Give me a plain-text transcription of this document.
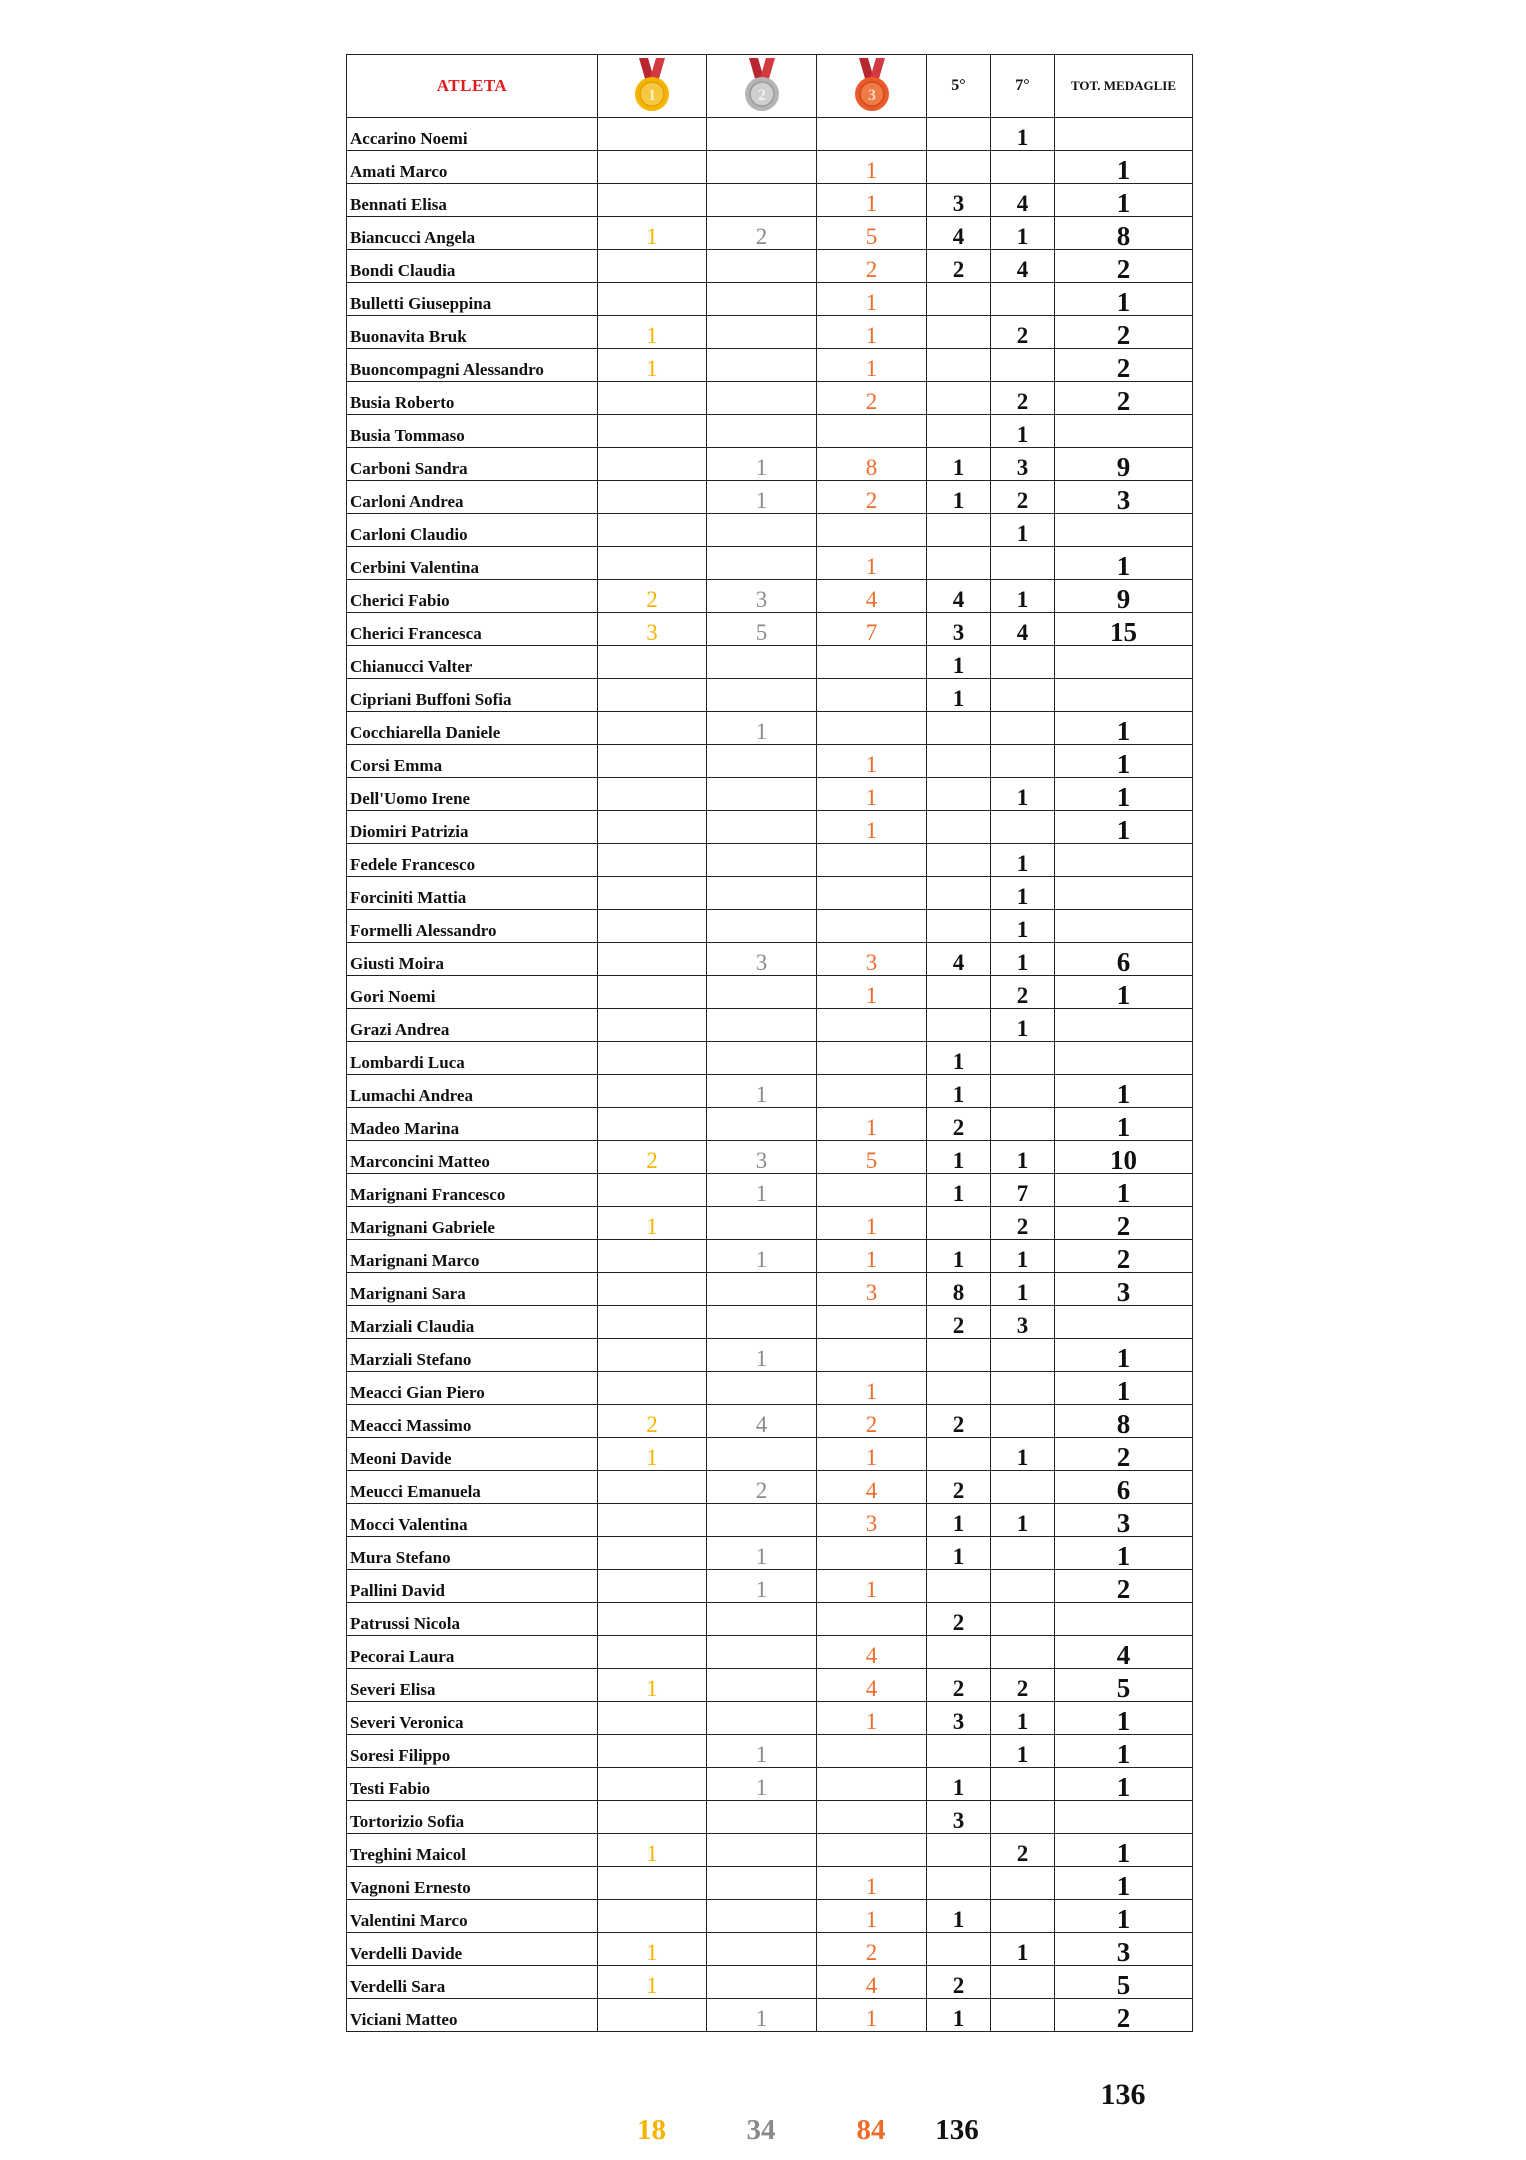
ATLETA	1	2	3	5°	7°	TOT. MEDAGLIE
Accarino Noemi					1	
Amati Marco			1			1
Bennati Elisa			1	3	4	1
Biancucci Angela	1	2	5	4	1	8
Bondi Claudia			2	2	4	2
Bulletti Giuseppina			1			1
Buonavita Bruk	1		1		2	2
Buoncompagni Alessandro	1		1			2
Busia Roberto			2		2	2
Busia Tommaso					1	
Carboni Sandra		1	8	1	3	9
Carloni Andrea		1	2	1	2	3
Carloni Claudio					1	
Cerbini Valentina			1			1
Cherici Fabio	2	3	4	4	1	9
Cherici Francesca	3	5	7	3	4	15
Chianucci Valter				1		
Cipriani Buffoni Sofia				1		
Cocchiarella Daniele		1				1
Corsi Emma			1			1
Dell'Uomo Irene			1		1	1
Diomiri Patrizia			1			1
Fedele Francesco					1	
Forciniti Mattia					1	
Formelli Alessandro					1	
Giusti Moira		3	3	4	1	6
Gori Noemi			1		2	1
Grazi Andrea					1	
Lombardi Luca				1		
Lumachi Andrea		1		1		1
Madeo Marina			1	2		1
Marconcini Matteo	2	3	5	1	1	10
Marignani Francesco		1		1	7	1
Marignani Gabriele	1		1		2	2
Marignani Marco		1	1	1	1	2
Marignani Sara			3	8	1	3
Marziali Claudia				2	3	
Marziali Stefano		1				1
Meacci Gian Piero			1			1
Meacci Massimo	2	4	2	2		8
Meoni Davide	1		1		1	2
Meucci Emanuela		2	4	2		6
Mocci Valentina			3	1	1	3
Mura Stefano		1		1		1
Pallini David		1	1			2
Patrussi Nicola				2		
Pecorai Laura			4			4
Severi Elisa	1		4	2	2	5
Severi Veronica			1	3	1	1
Soresi Filippo		1			1	1
Testi Fabio		1		1		1
Tortorizio Sofia				3		
Treghini Maicol	1				2	1
Vagnoni Ernesto			1			1
Valentini Marco			1	1		1
Verdelli Davide	1		2		1	3
Verdelli Sara	1		4	2		5
Viciani Matteo		1	1	1		2
136
18	34	84	136
